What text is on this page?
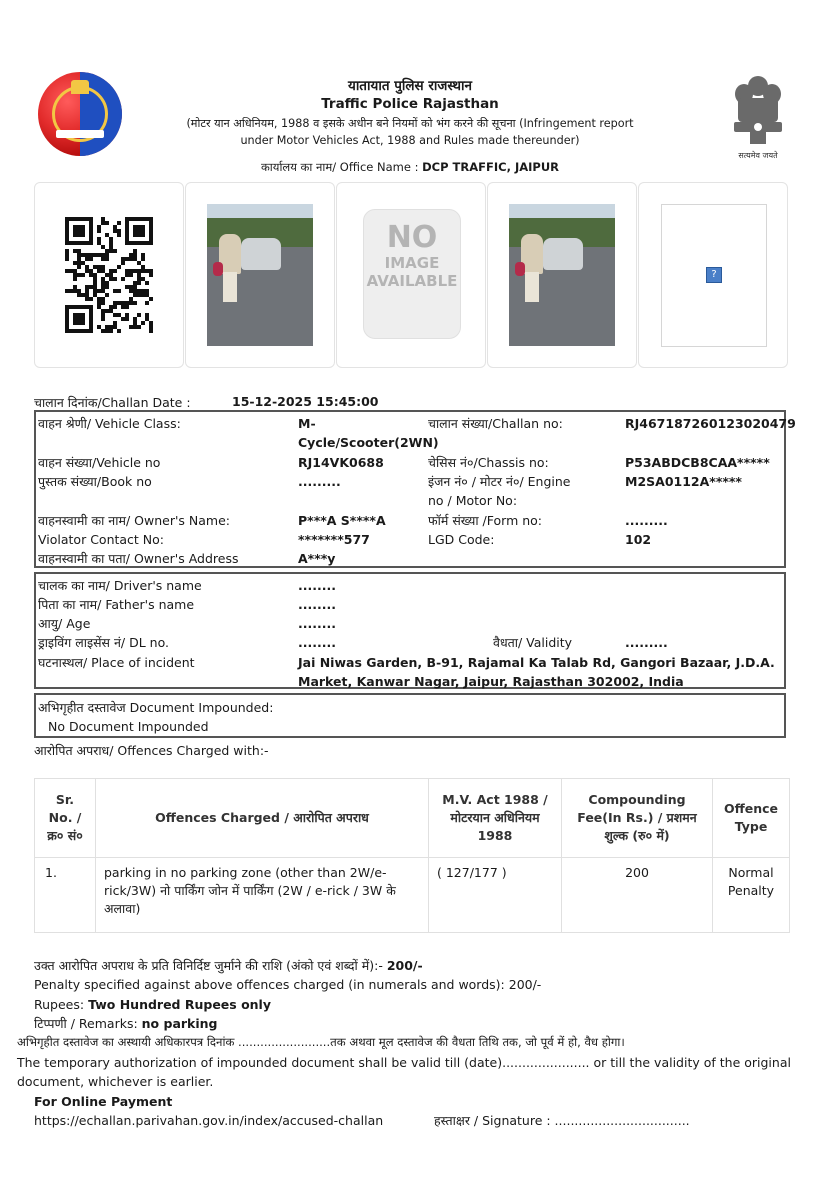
यातायात पुलिस राजस्थान
Traffic Police Rajasthan
(मोटर यान अधिनियम, 1988 व इसके अधीन बने नियमों को भंग करने की सूचना (Infringement report
under Motor Vehicles Act, 1988 and Rules made thereunder)
कार्यालय का नाम/ Office Name : DCP TRAFFIC, JAIPUR
सत्यमेव जयते
NO
IMAGE
AVAILABLE	?
चालान दिनांक/Challan Date :	15-12-2025 15:45:00
वाहन श्रेणी/ Vehicle Class:	M-
Cycle/Scooter(2WN)
चालान संख्या/Challan no:	RJ467187260123020479
वाहन संख्या/Vehicle no	RJ14VK0688	चेसिस नं०/Chassis no:	P53ABDCB8CAA*****
पुस्तक संख्या/Book no	.........	इंजन नं० / मोटर नं०/ Engine
no / Motor No:
M2SA0112A*****
वाहनस्वामी का नाम/ Owner's Name:	P***A S****A	फॉर्म संख्या /Form no:	.........
Violator Contact No:	*******577	LGD Code:	102
वाहनस्वामी का पता/ Owner's Address	A***y
चालक का नाम/ Driver's name	........
पिता का नाम/ Father's name	........
आयु/ Age	........
ड्राइविंग लाइसेंस नं/ DL no.	........	वैधता/ Validity	.........
घटनास्थल/ Place of incident	Jai Niwas Garden, B-91, Rajamal Ka Talab Rd, Gangori Bazaar, J.D.A.
Market, Kanwar Nagar, Jaipur, Rajasthan 302002, India
अभिगृहीत दस्तावेज Document Impounded:
No Document Impounded
आरोपित अपराध/ Offences Charged with:-
Sr. No. / क्र० सं०	Offences Charged / आरोपित अपराध	M.V. Act 1988 / मोटरयान अधिनियम 1988	Compounding Fee(In Rs.) / प्रशमन शुल्क (रु० में)	Offence Type
1.	parking in no parking zone (other than 2W/e-rick/3W) नो पार्किंग जोन में पार्किंग (2W / e-rick / 3W के अलावा)	( 127/177 )	200	Normal Penalty
उक्त आरोपित अपराध के प्रति विनिर्दिष्ट जुर्माने की राशि (अंको एवं शब्दों में):- 200/-
Penalty specified against above offences charged (in numerals and words): 200/-
Rupees: Two Hundred Rupees only
टिप्पणी / Remarks: no parking
अभिगृहीत दस्तावेज का अस्थायी अधिकारपत्र दिनांक .........................तक अथवा मूल दस्तावेज की वैधता तिथि तक, जो पूर्व में हो, वैध होगा।
The temporary authorization of impounded document shall be valid till (date)...................... or till the validity of the original
document, whichever is earlier.
For Online Payment
https://echallan.parivahan.gov.in/index/accused-challan	हस्ताक्षर / Signature : ..................................
